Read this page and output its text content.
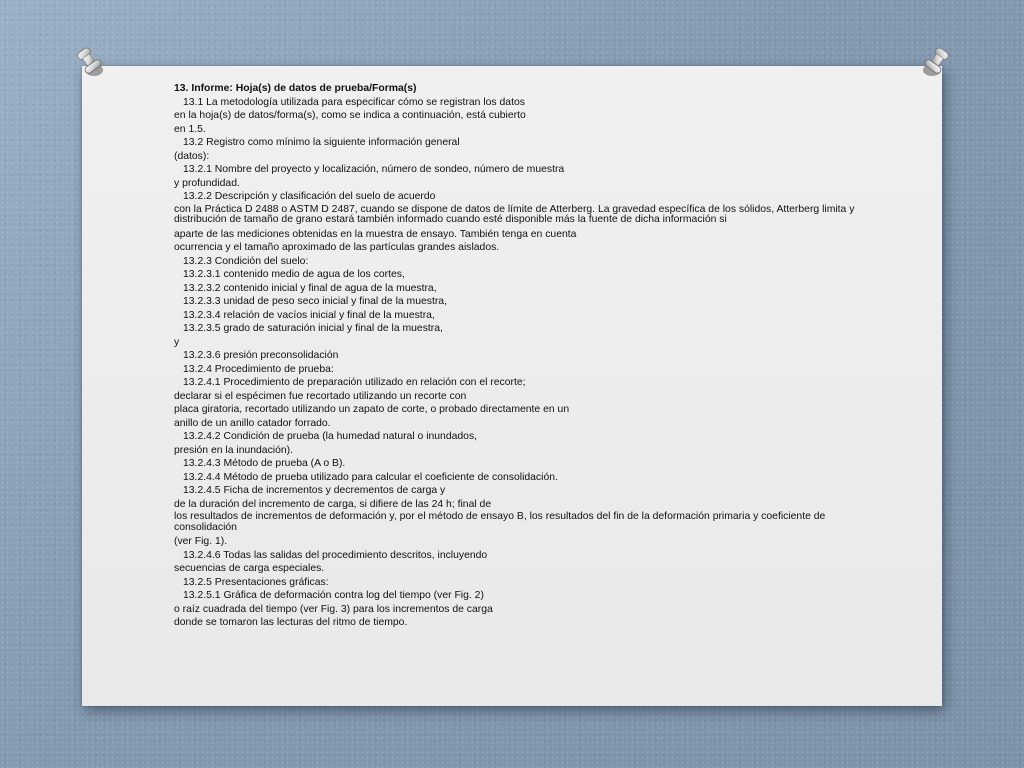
13. Informe: Hoja(s) de datos de prueba/Forma(s)
13.1 La metodología utilizada para especificar cómo se registran los datos
en la hoja(s) de datos/forma(s), como se indica a continuación, está cubierto
en 1.5.
13.2 Registro como mínimo la siguiente información general
(datos):
13.2.1 Nombre del proyecto y localización, número de sondeo, número de muestra
y profundidad.
13.2.2 Descripción y clasificación del suelo de acuerdo
con la Práctica D 2488 o ASTM D 2487, cuando se dispone de datos de límite de Atterberg. La gravedad específica de los sólidos, Atterberg limita y distribución de tamaño de grano estará también informado cuando esté disponible más la fuente de dicha información si
aparte de las mediciones obtenidas en la muestra de ensayo. También tenga en cuenta
ocurrencia y el tamaño aproximado de las partículas grandes aislados.
13.2.3 Condición del suelo:
13.2.3.1 contenido medio de agua de los cortes,
13.2.3.2 contenido inicial y final de agua de la muestra,
13.2.3.3 unidad de peso seco inicial y final de la muestra,
13.2.3.4 relación de vacíos inicial y final de la muestra,
13.2.3.5 grado de saturación inicial y final de la muestra,
y
13.2.3.6 presión preconsolidación
13.2.4 Procedimiento de prueba:
13.2.4.1 Procedimiento de preparación utilizado en relación con el recorte;
declarar si el espécimen fue recortado utilizando un recorte con
placa giratoria, recortado utilizando un zapato de corte, o probado directamente en un
anillo de un anillo catador forrado.
13.2.4.2 Condición de prueba (la humedad natural o inundados,
presión en la inundación).
13.2.4.3 Método de prueba (A o B).
13.2.4.4 Método de prueba utilizado para calcular el coeficiente de consolidación.
13.2.4.5 Ficha de incrementos y decrementos de carga y
de la duración del incremento de carga, si difiere de las 24 h; final de
los resultados de incrementos de deformación y, por el método de ensayo B, los resultados del fin de la deformación primaria y coeficiente de consolidación
(ver Fig. 1).
13.2.4.6 Todas las salidas del procedimiento descritos, incluyendo
secuencias de carga especiales.
13.2.5 Presentaciones gráficas:
13.2.5.1 Gráfica de deformación contra log del tiempo (ver Fig. 2)
o raíz cuadrada del tiempo (ver Fig. 3) para los incrementos de carga
donde se tomaron las lecturas del ritmo de tiempo.
